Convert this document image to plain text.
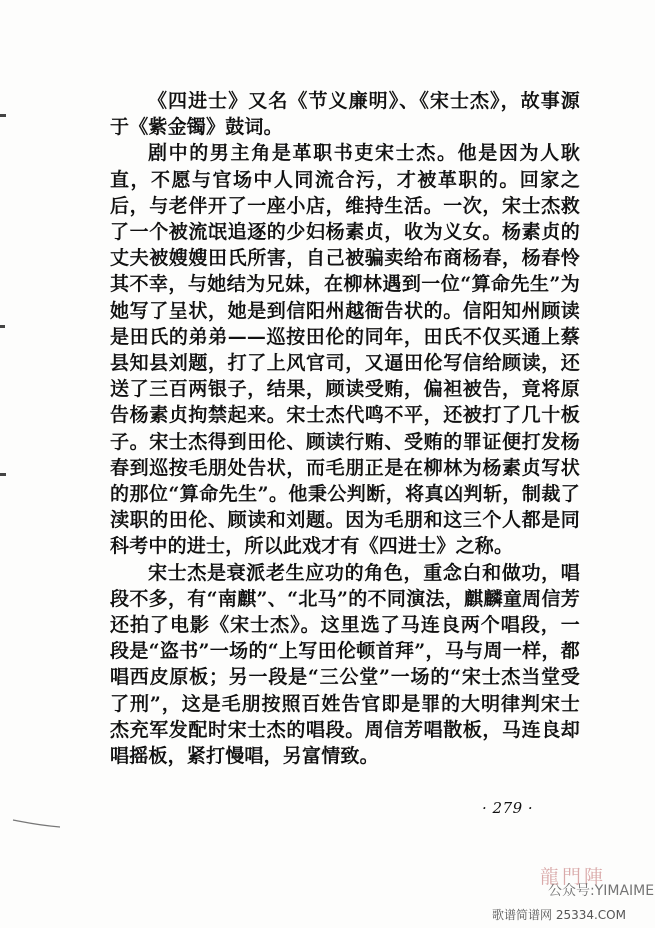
《四进士》又名《节义廉明》、《宋士杰》，故事源于《紫金镯》鼓词。

剧中的男主角是革职书吏宋士杰。他是因为人耿直，不愿与官场中人同流合污，才被革职的。回家之后，与老伴开了一座小店，维持生活。一次，宋士杰救了一个被流氓追逐的少妇杨素贞，收为义女。杨素贞的丈夫被嫂嫂田氏所害，自己被骗卖给布商杨春，杨春怜其不幸，与她结为兄妹，在柳林遇到一位“算命先生”为她写了呈状，她是到信阳州越衙告状的。信阳知州顾读是田氏的弟弟——巡按田伦的同年，田氏不仅买通上蔡县知县刘题，打了上风官司，又逼田伦写信给顾读，还送了三百两银子，结果，顾读受贿，偏袒被告，竟将原告杨素贞拘禁起来。宋士杰代鸣不平，还被打了几十板子。宋士杰得到田伦、顾读行贿、受贿的罪证便打发杨春到巡按毛朋处告状，而毛朋正是在柳林为杨素贞写状的那位“算命先生”。他秉公判断，将真凶判斩，制裁了渎职的田伦、顾读和刘题。因为毛朋和这三个人都是同科考中的进士，所以此戏才有《四进士》之称。

宋士杰是衰派老生应功的角色，重念白和做功，唱段不多，有“南麒”、“北马”的不同演法，麒麟童周信芳还拍了电影《宋士杰》。这里选了马连良两个唱段，一段是“盗书”一场的“上写田伦顿首拜”，马与周一样，都唱西皮原板；另一段是“三公堂”一场的“宋士杰当堂受了刑”，这是毛朋按照百姓告官即是罪的大明律判宋士杰充军发配时宋士杰的唱段。周信芳唱散板，马连良却唱摇板，紧打慢唱，另富情致。

· 279 ·
龍門陣
公众号:YIMAIME
歌谱简谱网 25334.COM
